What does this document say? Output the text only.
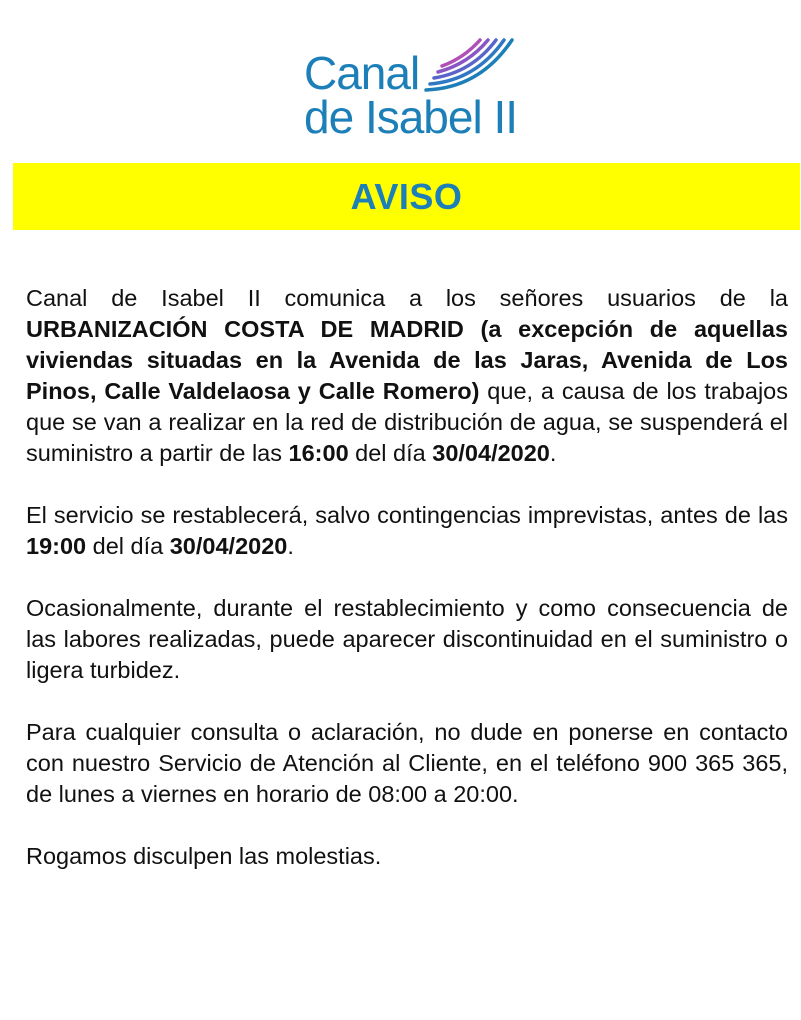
Canal
de Isabel II
AVISO

Canal de Isabel II comunica a los señores usuarios de la URBANIZACIÓN COSTA DE MADRID (a excepción de aquellas viviendas situadas en la Avenida de las Jaras, Avenida de Los Pinos, Calle Valdelaosa y Calle Romero) que, a causa de los trabajos que se van a realizar en la red de distribución de agua, se suspenderá el suministro a partir de las 16:00 del día 30/04/2020.

El servicio se restablecerá, salvo contingencias imprevistas, antes de las 19:00 del día 30/04/2020.

Ocasionalmente, durante el restablecimiento y como consecuencia de las labores realizadas, puede aparecer discontinuidad en el suministro o ligera turbidez.

Para cualquier consulta o aclaración, no dude en ponerse en contacto con nuestro Servicio de Atención al Cliente, en el teléfono 900 365 365, de lunes a viernes en horario de 08:00 a 20:00.

Rogamos disculpen las molestias.
